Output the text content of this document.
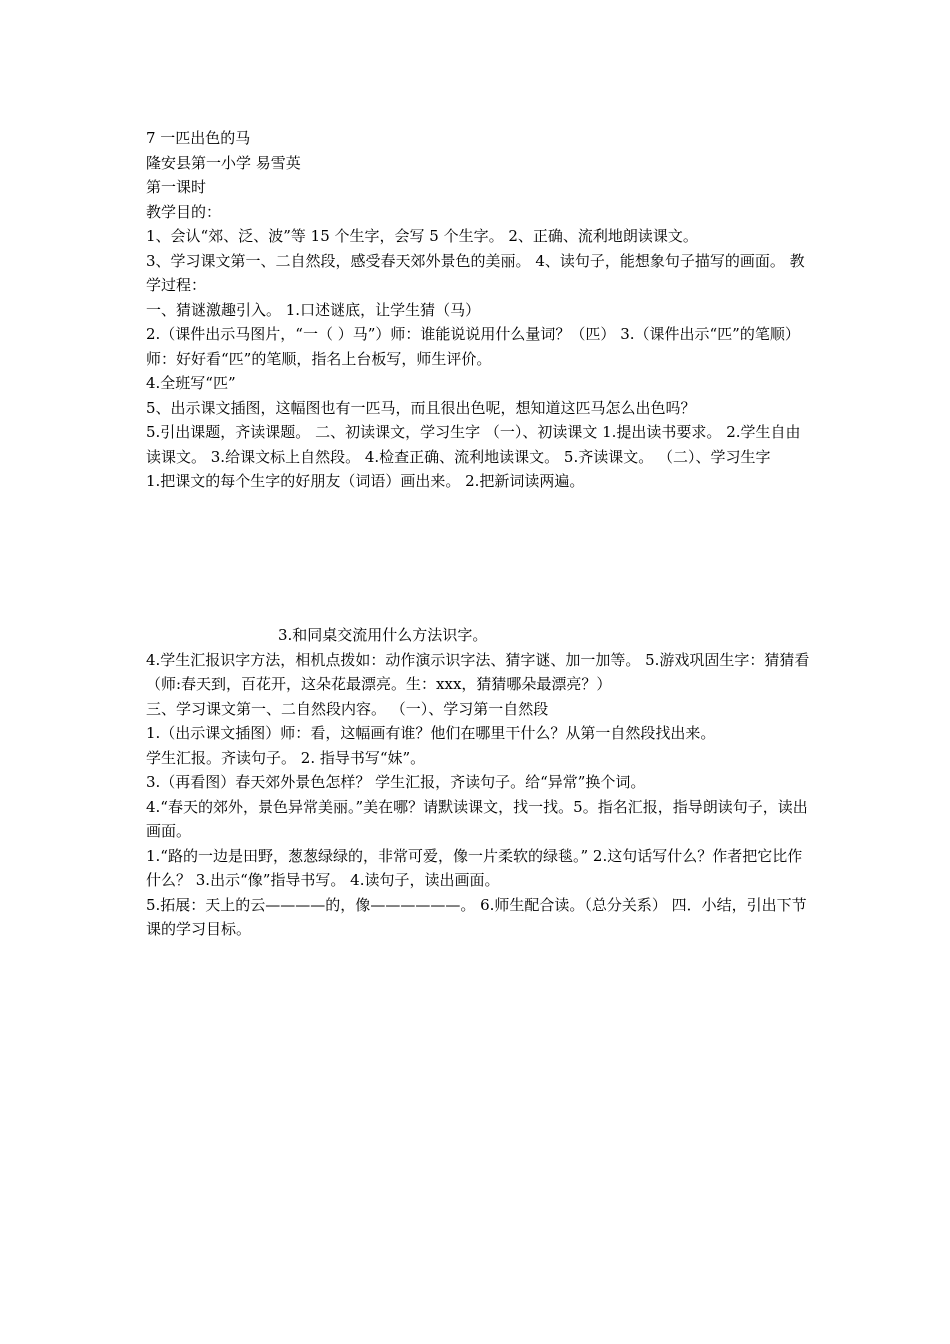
7 一匹出色的马
隆安县第一小学 易雪英
第一课时
教学目的：
1、会认“郊、泛、波”等 15 个生字，会写 5 个生字。 2、正确、流利地朗读课文。
3、学习课文第一、二自然段，感受春天郊外景色的美丽。 4、读句子，能想象句子描写的画面。 教学过程：
一、猜谜激趣引入。 1.口述谜底，让学生猜（马）
2.（课件出示马图片，“一（ ）马”）师：谁能说说用什么量词？（匹） 3.（课件出示“匹”的笔顺）师：好好看“匹”的笔顺，指名上台板写，师生评价。
4.全班写“匹”
5、出示课文插图，这幅图也有一匹马，而且很出色呢，想知道这匹马怎么出色吗？
5.引出课题，齐读课题。 二、初读课文，学习生字 （一）、初读课文 1.提出读书要求。 2.学生自由读课文。 3.给课文标上自然段。 4.检查正确、流利地读课文。 5.齐读课文。 （二）、学习生字
1.把课文的每个生字的好朋友（词语）画出来。 2.把新词读两遍。
3.和同桌交流用什么方法识字。
4.学生汇报识字方法，相机点拨如：动作演示识字法、猜字谜、加一加等。 5.游戏巩固生字：猜猜看（师:春天到，百花开，这朵花最漂亮。生：xxx，猜猜哪朵最漂亮？）
三、学习课文第一、二自然段内容。 （一）、学习第一自然段
1.（出示课文插图）师：看，这幅画有谁？他们在哪里干什么？从第一自然段找出来。
学生汇报。齐读句子。 2. 指导书写“妹”。
3.（再看图）春天郊外景色怎样？ 学生汇报，齐读句子。给“异常”换个词。
4.“春天的郊外，景色异常美丽。”美在哪？请默读课文，找一找。5。指名汇报，指导朗读句子，读出画面。
1.“路的一边是田野，葱葱绿绿的，非常可爱，像一片柔软的绿毯。” 2.这句话写什么？作者把它比作什么？ 3.出示“像”指导书写。 4.读句子，读出画面。
5.拓展：天上的云————的，像——————。 6.师生配合读。（总分关系） 四．小结，引出下节课的学习目标。
